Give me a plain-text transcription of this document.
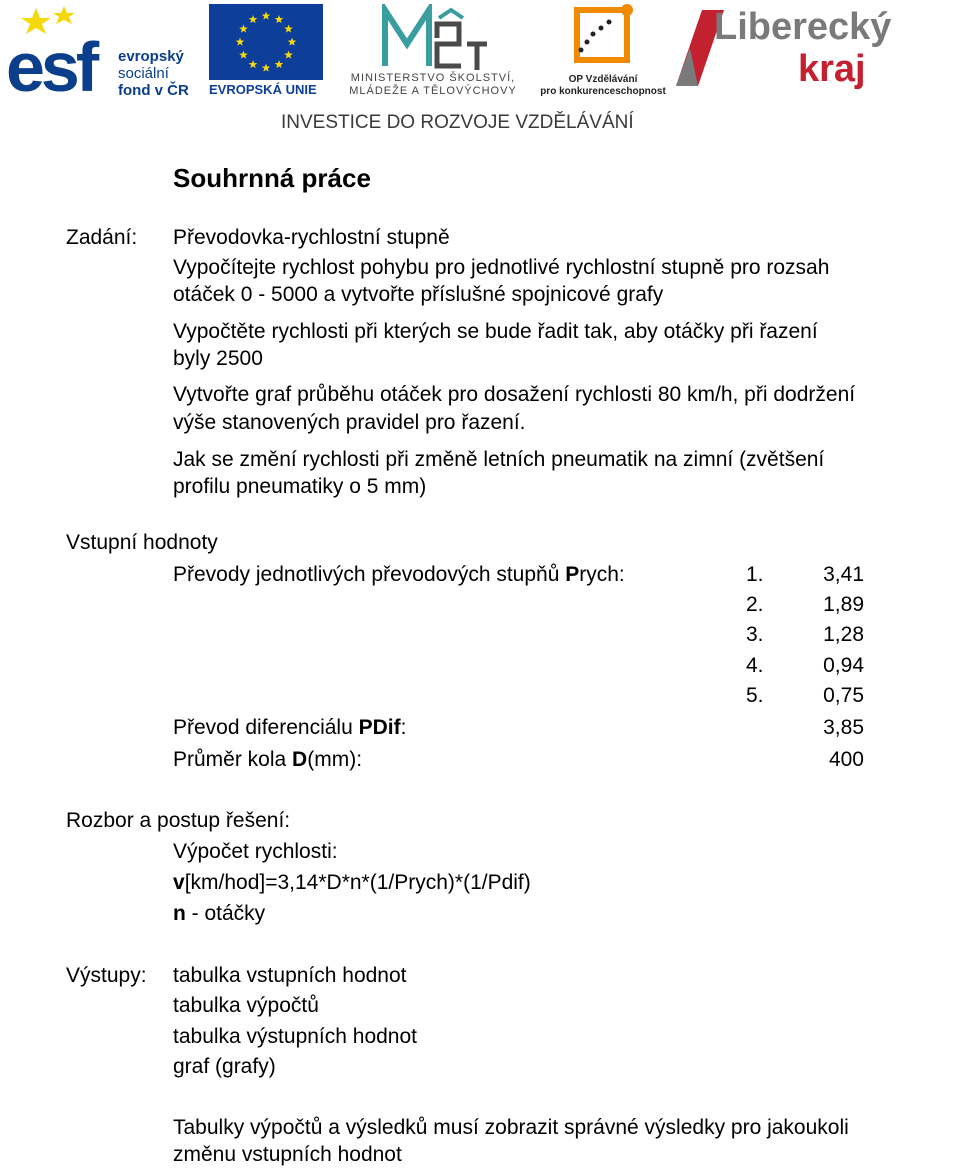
esf evropský
sociální
fond v ČR EVROPSKÁ UNIE
MINISTERSTVO ŠKOLSTVÍ,
MLÁDEŽE A TĚLOVÝCHOVY
OP Vzdělávání
pro konkurenceschopnost
Liberecký
kraj
INVESTICE DO ROZVOJE VZDĚLÁVÁNÍ
Souhrnná práce
Zadání: Převodovka-rychlostní stupně
Vypočítejte rychlost pohybu pro jednotlivé rychlostní stupně pro rozsah
otáček 0 - 5000 a vytvořte příslušné spojnicové grafy
Vypočtěte rychlosti při kterých se bude řadit tak, aby otáčky při řazení
byly 2500
Vytvořte graf průběhu otáček pro dosažení rychlosti 80 km/h, při dodržení
výše stanovených pravidel pro řazení.
Jak se změní rychlosti při změně letních pneumatik na zimní (zvětšení
profilu pneumatiky o 5 mm)
Vstupní hodnoty
Převody jednotlivých převodových stupňů Prych:	1.	3,41
2.	1,89
3.	1,28
4.	0,94
5.	0,75
Převod diferenciálu PDif:	3,85
Průměr kola D(mm):	400
Rozbor a postup řešení:
Výpočet rychlosti:
v[km/hod]=3,14*D*n*(1/Prych)*(1/Pdif)
n - otáčky
Výstupy: tabulka vstupních hodnot
tabulka výpočtů
tabulka výstupních hodnot
graf (grafy)
Tabulky výpočtů a výsledků musí zobrazit správné výsledky pro jakoukoli
změnu vstupních hodnot
